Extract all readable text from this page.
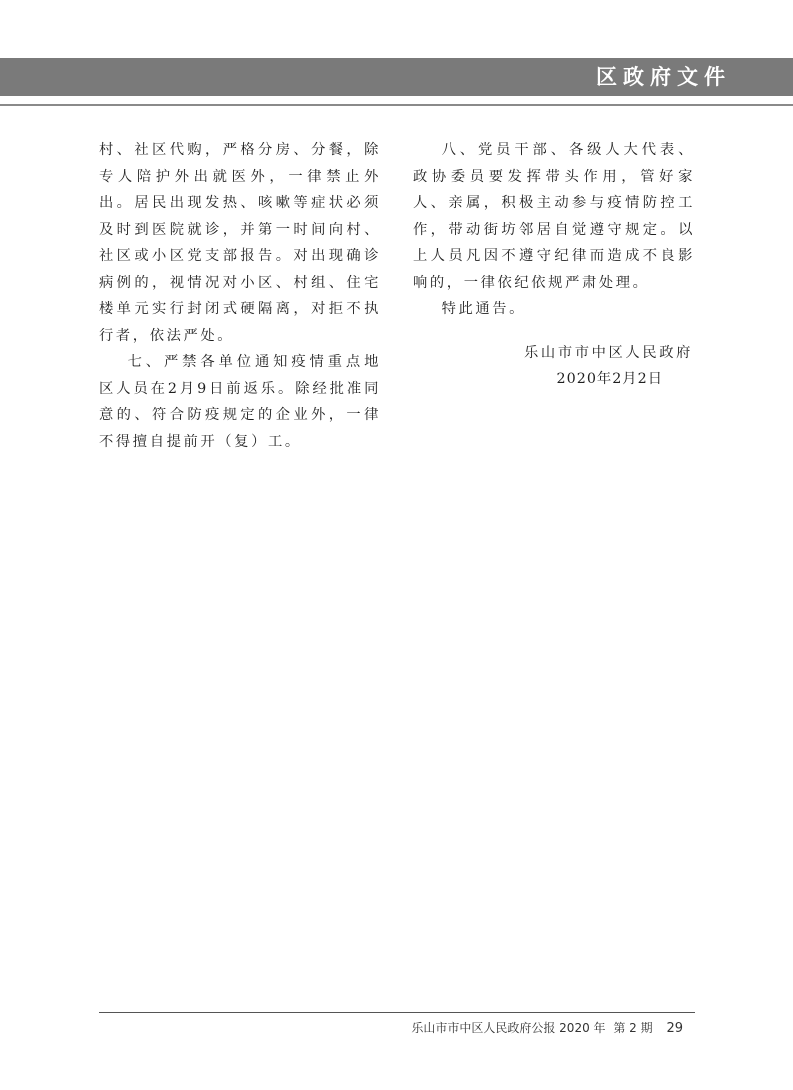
区政府文件

村、社区代购，严格分房、分餐，除专人陪护外出就医外，一律禁止外出。居民出现发热、咳嗽等症状必须及时到医院就诊，并第一时间向村、社区或小区党支部报告。对出现确诊病例的，视情况对小区、村组、住宅楼单元实行封闭式硬隔离，对拒不执行者，依法严处。

七、严禁各单位通知疫情重点地区人员在2月9日前返乐。除经批准同意的、符合防疫规定的企业外，一律不得擅自提前开（复）工。

八、党员干部、各级人大代表、政协委员要发挥带头作用，管好家人、亲属，积极主动参与疫情防控工作，带动街坊邻居自觉遵守规定。以上人员凡因不遵守纪律而造成不良影响的，一律依纪依规严肃处理。

特此通告。

乐山市市中区人民政府

2020年2月2日

乐山市市中区人民政府公报 2020 年 第 2 期 29
